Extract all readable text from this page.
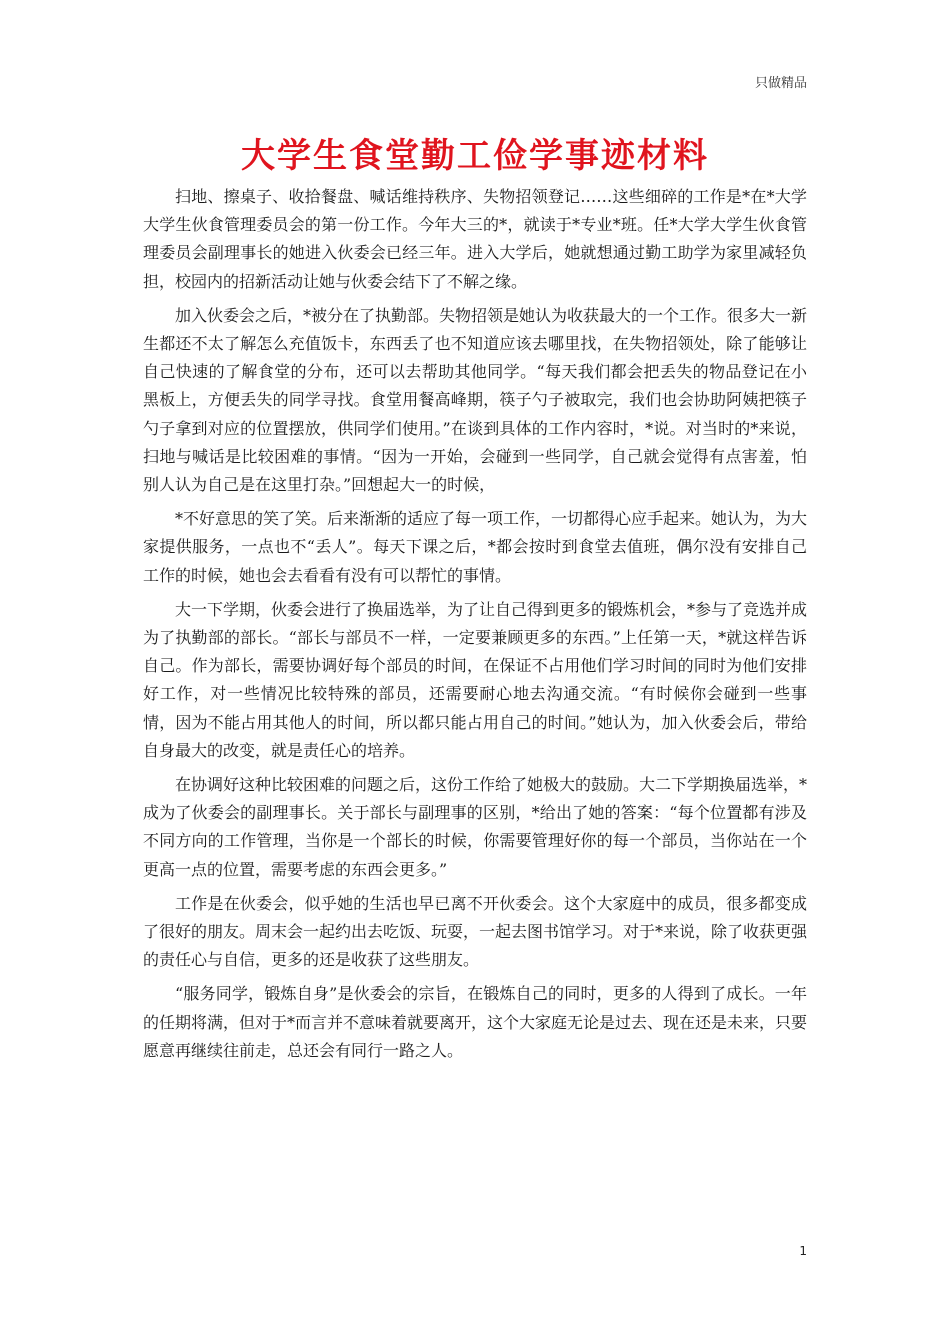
只做精品
大学生食堂勤工俭学事迹材料

扫地、擦桌子、收拾餐盘、喊话维持秩序、失物招领登记……这些细碎的工作是*在*大学大学生伙食管理委员会的第一份工作。今年大三的*，就读于*专业*班。任*大学大学生伙食管理委员会副理事长的她进入伙委会已经三年。进入大学后，她就想通过勤工助学为家里减轻负担，校园内的招新活动让她与伙委会结下了不解之缘。

加入伙委会之后，*被分在了执勤部。失物招领是她认为收获最大的一个工作。很多大一新生都还不太了解怎么充值饭卡，东西丢了也不知道应该去哪里找，在失物招领处，除了能够让自己快速的了解食堂的分布，还可以去帮助其他同学。“每天我们都会把丢失的物品登记在小黑板上，方便丢失的同学寻找。食堂用餐高峰期，筷子勺子被取完，我们也会协助阿姨把筷子勺子拿到对应的位置摆放，供同学们使用。”在谈到具体的工作内容时，*说。对当时的*来说，扫地与喊话是比较困难的事情。“因为一开始，会碰到一些同学，自己就会觉得有点害羞，怕别人认为自己是在这里打杂。”回想起大一的时候，

*不好意思的笑了笑。后来渐渐的适应了每一项工作，一切都得心应手起来。她认为，为大家提供服务，一点也不“丢人”。每天下课之后，*都会按时到食堂去值班，偶尔没有安排自己工作的时候，她也会去看看有没有可以帮忙的事情。

大一下学期，伙委会进行了换届选举，为了让自己得到更多的锻炼机会，*参与了竞选并成为了执勤部的部长。“部长与部员不一样，一定要兼顾更多的东西。”上任第一天，*就这样告诉自己。作为部长，需要协调好每个部员的时间，在保证不占用他们学习时间的同时为他们安排好工作，对一些情况比较特殊的部员，还需要耐心地去沟通交流。“有时候你会碰到一些事情，因为不能占用其他人的时间，所以都只能占用自己的时间。”她认为，加入伙委会后，带给自身最大的改变，就是责任心的培养。

在协调好这种比较困难的问题之后，这份工作给了她极大的鼓励。大二下学期换届选举，*成为了伙委会的副理事长。关于部长与副理事的区别，*给出了她的答案：“每个位置都有涉及不同方向的工作管理，当你是一个部长的时候，你需要管理好你的每一个部员，当你站在一个更高一点的位置，需要考虑的东西会更多。”

工作是在伙委会，似乎她的生活也早已离不开伙委会。这个大家庭中的成员，很多都变成了很好的朋友。周末会一起约出去吃饭、玩耍，一起去图书馆学习。对于*来说，除了收获更强的责任心与自信，更多的还是收获了这些朋友。

“服务同学，锻炼自身”是伙委会的宗旨，在锻炼自己的同时，更多的人得到了成长。一年的任期将满，但对于*而言并不意味着就要离开，这个大家庭无论是过去、现在还是未来，只要愿意再继续往前走，总还会有同行一路之人。

1
